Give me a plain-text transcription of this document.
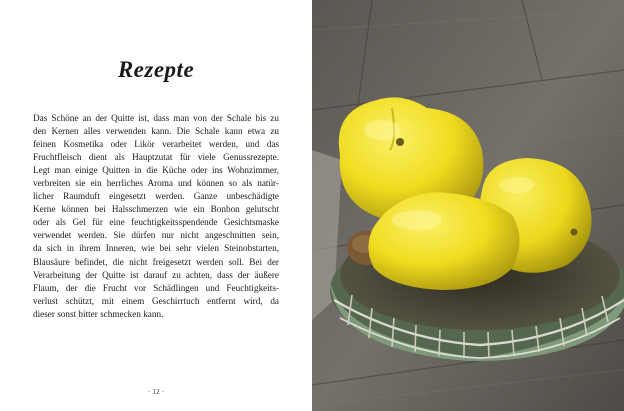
Rezepte
Das Schöne an der Quitte ist, dass man von der Schale bis zu
den Kernen alles verwenden kann. Die Schale kann etwa zu
feinen Kosmetika oder Likör verarbeitet werden, und das
Fruchtfleisch dient als Hauptzutat für viele Genussrezepte.
Legt man einige Quitten in die Küche oder ins Wohnzimmer,
verbreiten sie ein herrliches Aroma und können so als natür-
licher Raumduft eingesetzt werden. Ganze unbeschädigte
Kerne können bei Halsschmerzen wie ein Bonbon gelutscht
oder als Gel für eine feuchtigkeitsspendende Gesichtsmaske
verwendet werden. Sie dürfen nur nicht angeschnitten sein,
da sich in ihrem Inneren, wie bei sehr vielen Steinobstarten,
Blausäure befindet, die nicht freigesetzt werden soll. Bei der
Verarbeitung der Quitte ist darauf zu achten, dass der äußere
Flaum, der die Frucht vor Schädlingen und Feuchtigkeits-
verlust schützt, mit einem Geschirrtuch entfernt wird, da
dieser sonst bitter schmecken kann.
· 12 ·
